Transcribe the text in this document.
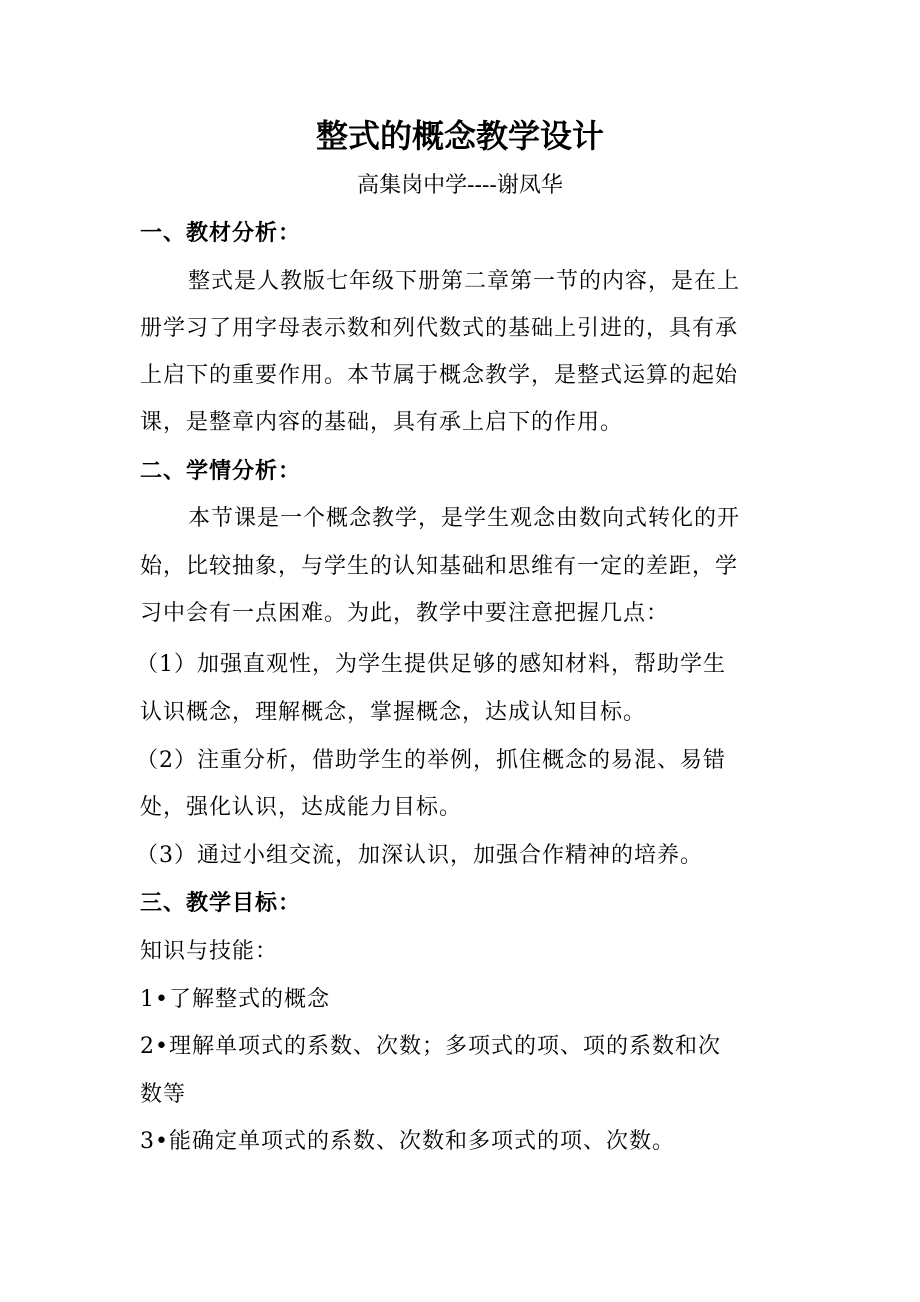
整式的概念教学设计
高集岗中学----谢凤华
一、教材分析：
整式是人教版七年级下册第二章第一节的内容，是在上
册学习了用字母表示数和列代数式的基础上引进的，具有承
上启下的重要作用。本节属于概念教学，是整式运算的起始
课，是整章内容的基础，具有承上启下的作用。
二、学情分析：
本节课是一个概念教学，是学生观念由数向式转化的开
始，比较抽象，与学生的认知基础和思维有一定的差距，学
习中会有一点困难。为此，教学中要注意把握几点：
（1）加强直观性，为学生提供足够的感知材料，帮助学生
认识概念，理解概念，掌握概念，达成认知目标。
（2）注重分析，借助学生的举例，抓住概念的易混、易错
处，强化认识，达成能力目标。
（3）通过小组交流，加深认识，加强合作精神的培养。
三、教学目标：
知识与技能：
1•了解整式的概念
2•理解单项式的系数、次数；多项式的项、项的系数和次
数等
3•能确定单项式的系数、次数和多项式的项、次数。
